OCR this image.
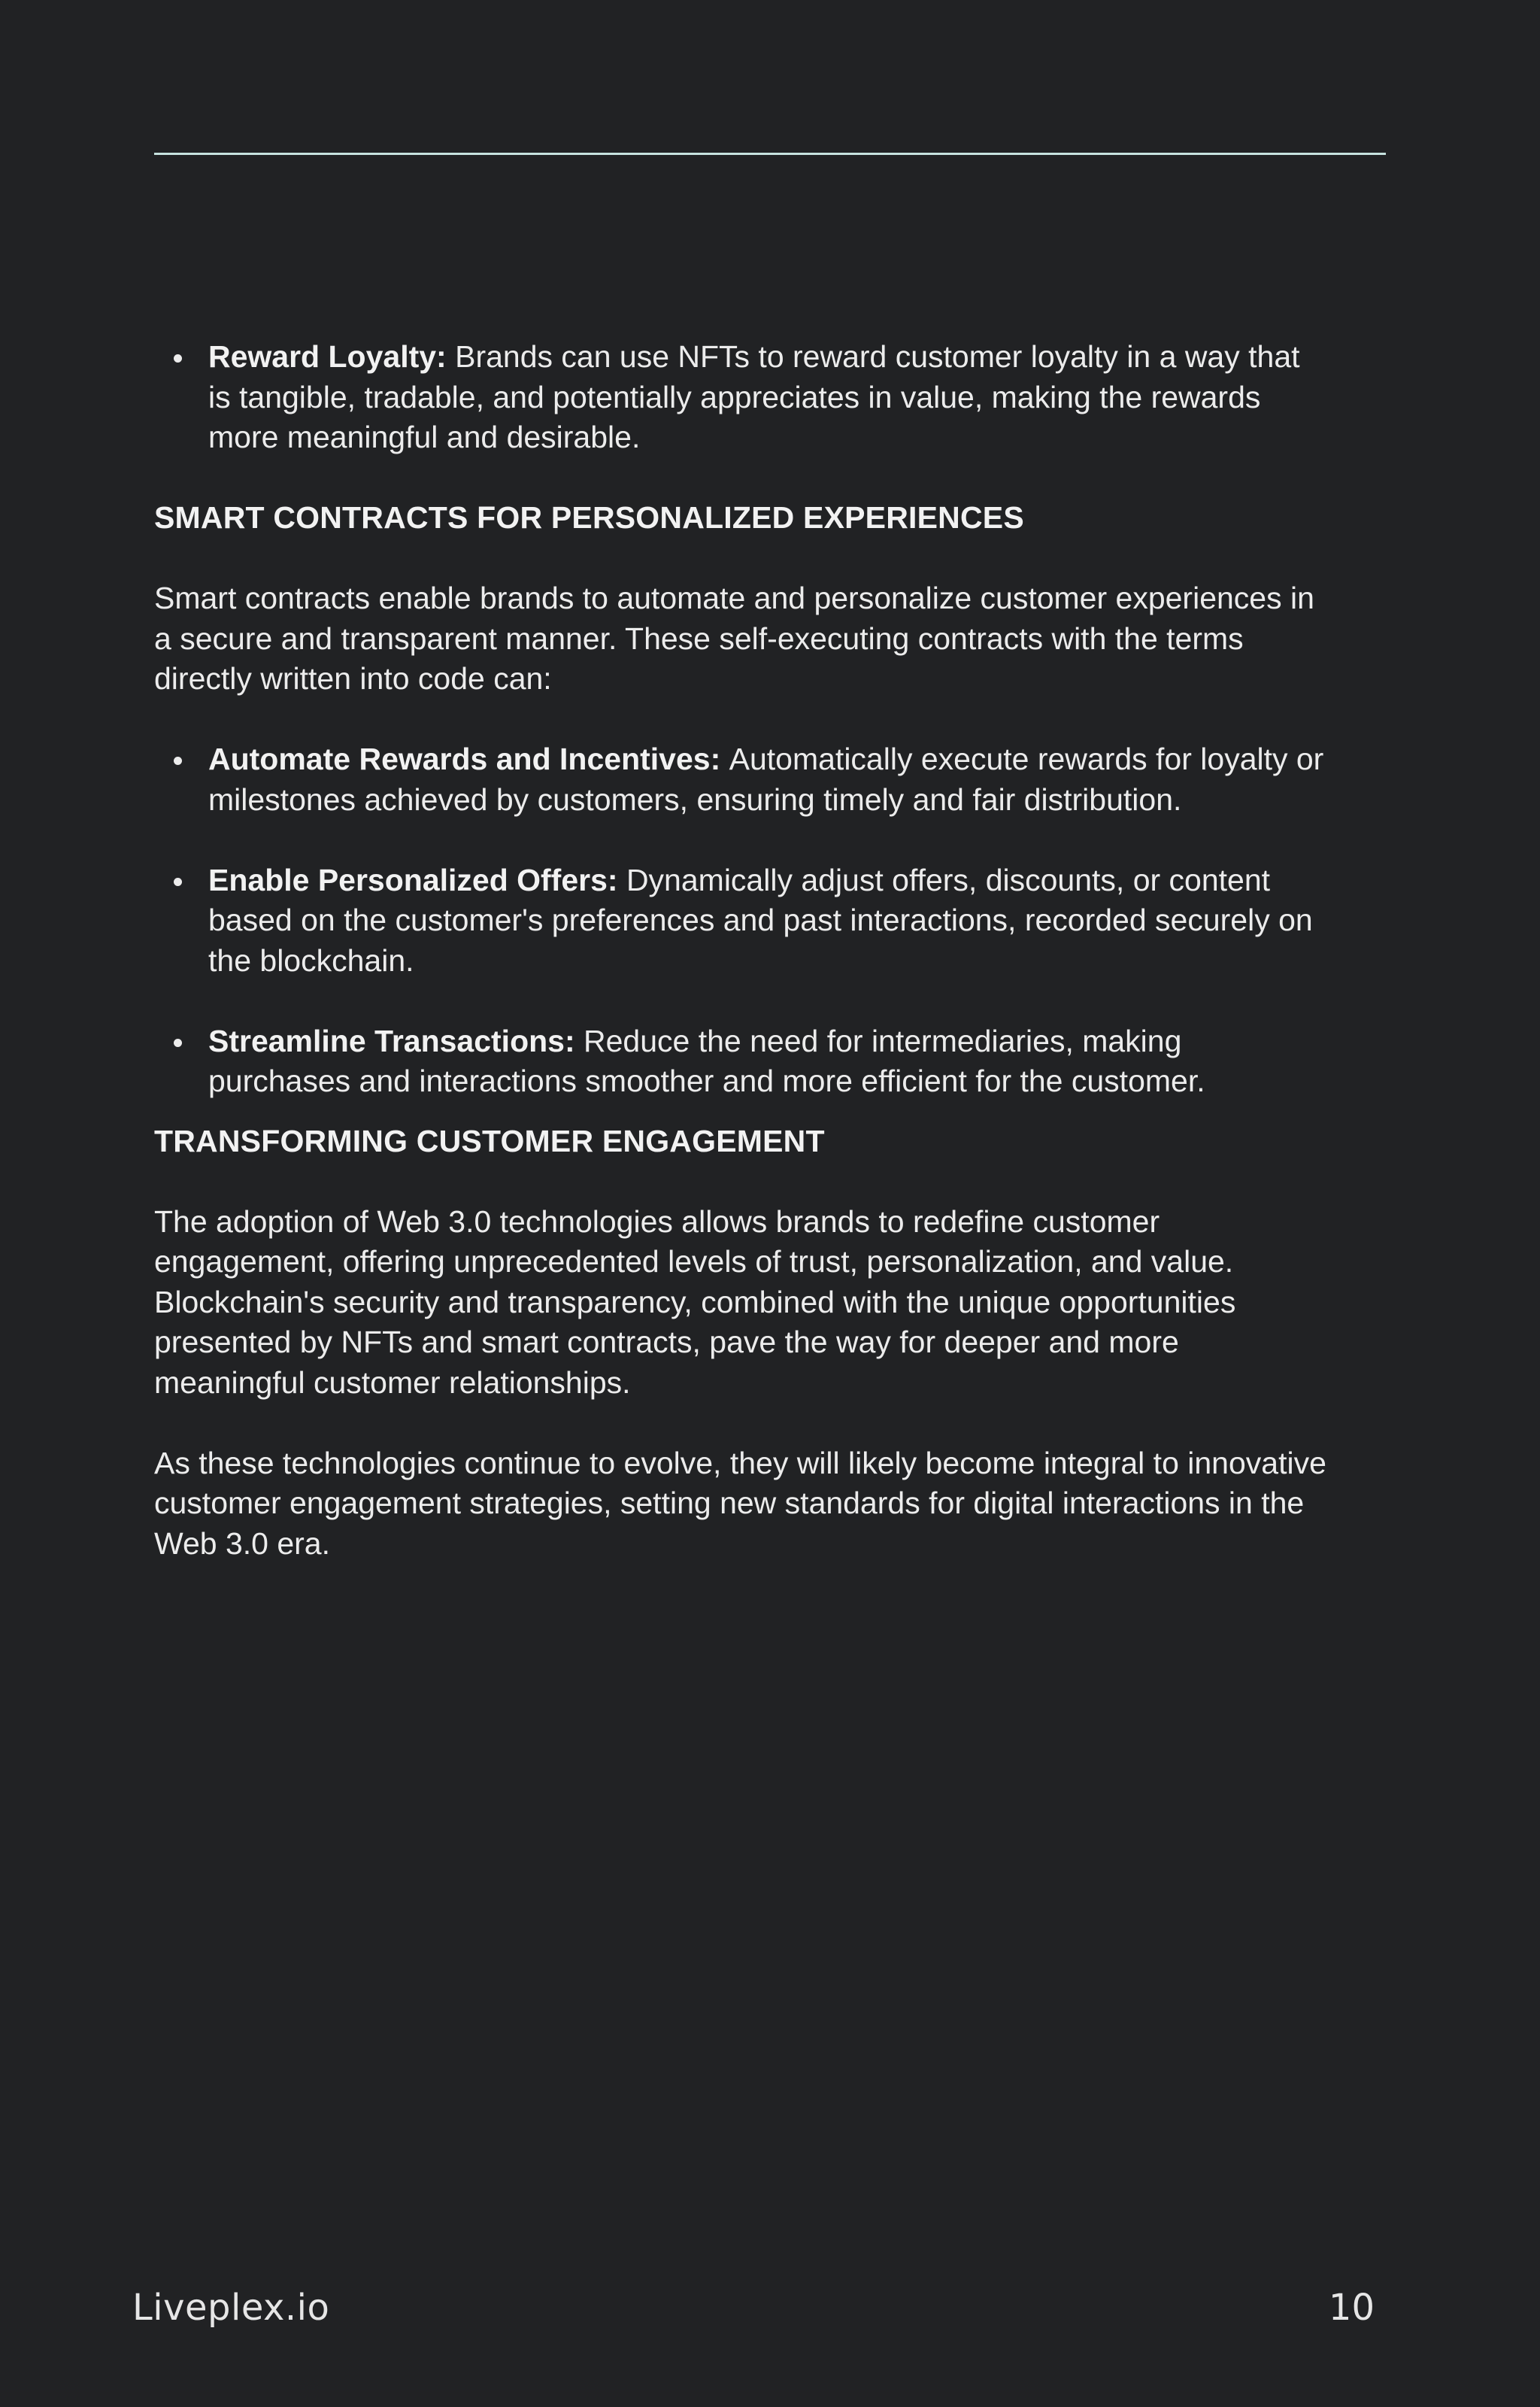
Reward Loyalty: Brands can use NFTs to reward customer loyalty in a way that is tangible, tradable, and potentially appreciates in value, making the rewards more meaningful and desirable.
SMART CONTRACTS FOR PERSONALIZED EXPERIENCES

Smart contracts enable brands to automate and personalize customer experiences in a secure and transparent manner. These self-executing contracts with the terms directly written into code can:

Automate Rewards and Incentives: Automatically execute rewards for loyalty or milestones achieved by customers, ensuring timely and fair distribution.
Enable Personalized Offers: Dynamically adjust offers, discounts, or content based on the customer's preferences and past interactions, recorded securely on the blockchain.
Streamline Transactions: Reduce the need for intermediaries, making purchases and interactions smoother and more efficient for the customer.
TRANSFORMING CUSTOMER ENGAGEMENT

The adoption of Web 3.0 technologies allows brands to redefine customer engagement, offering unprecedented levels of trust, personalization, and value. Blockchain's security and transparency, combined with the unique opportunities presented by NFTs and smart contracts, pave the way for deeper and more meaningful customer relationships.

As these technologies continue to evolve, they will likely become integral to innovative customer engagement strategies, setting new standards for digital interactions in the Web 3.0 era.

Liveplex.io	10
